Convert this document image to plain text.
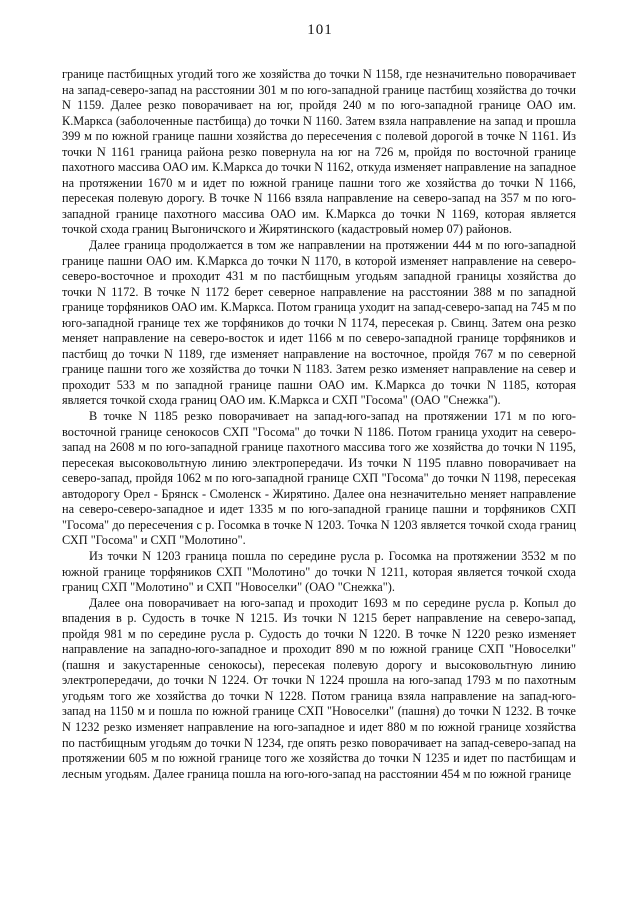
101

границе пастбищных угодий того же хозяйства до точки N 1158, где незначительно поворачивает на запад-северо-запад на расстоянии 301 м по юго-западной границе пастбищ хозяйства до точки N 1159. Далее резко поворачивает на юг, пройдя 240 м по юго-западной границе ОАО им. К.Маркса (заболоченные пастбища) до точки N 1160. Затем взяла направление на запад и прошла 399 м по южной границе пашни хозяйства до пересечения с полевой дорогой в точке N 1161. Из точки N 1161 граница района резко повернула на юг на 726 м, пройдя по восточной границе пахотного массива ОАО им. К.Маркса до точки N 1162, откуда изменяет направление на западное на протяжении 1670 м и идет по южной границе пашни того же хозяйства до точки N 1166, пересекая полевую дорогу. В точке N 1166 взяла направление на северо-запад на 357 м по юго-западной границе пахотного массива ОАО им. К.Маркса до точки N 1169, которая является точкой схода границ Выгоничского и Жирятинского (кадастровый номер 07) районов.

Далее граница продолжается в том же направлении на протяжении 444 м по юго-западной границе пашни ОАО им. К.Маркса до точки N 1170, в которой изменяет направление на северо-северо-восточное и проходит 431 м по пастбищным угодьям западной границы хозяйства до точки N 1172. В точке N 1172 берет северное направление на расстоянии 388 м по западной границе торфяников ОАО им. К.Маркса. Потом граница уходит на запад-северо-запад на 745 м по юго-западной границе тех же торфяников до точки N 1174, пересекая р. Свинц. Затем она резко меняет направление на северо-восток и идет 1166 м по северо-западной границе торфяников и пастбищ до точки N 1189, где изменяет направление на восточное, пройдя 767 м по северной границе пашни того же хозяйства до точки N 1183. Затем резко изменяет направление на север и проходит 533 м по западной границе пашни ОАО им. К.Маркса до точки N 1185, которая является точкой схода границ ОАО им. К.Маркса и СХП "Госома" (ОАО "Снежка").

В точке N 1185 резко поворачивает на запад-юго-запад на протяжении 171 м по юго-восточной границе сенокосов СХП "Госома" до точки N 1186. Потом граница уходит на северо-запад на 2608 м по юго-западной границе пахотного массива того же хозяйства до точки N 1195, пересекая высоковольтную линию электропередачи. Из точки N 1195 плавно поворачивает на северо-запад, пройдя 1062 м по юго-западной границе СХП "Госома" до точки N 1198, пересекая автодорогу Орел - Брянск - Смоленск - Жирятино. Далее она незначительно меняет направление на северо-северо-западное и идет 1335 м по юго-западной границе пашни и торфяников СХП "Госома" до пересечения с р. Госомка в точке N 1203. Точка N 1203 является точкой схода границ СХП "Госома" и СХП "Молотино".

Из точки N 1203 граница пошла по середине русла р. Госомка на протяжении 3532 м по южной границе торфяников СХП "Молотино" до точки N 1211, которая является точкой схода границ СХП "Молотино" и СХП "Новоселки" (ОАО "Снежка").

Далее она поворачивает на юго-запад и проходит 1693 м по середине русла р. Копыл до впадения в р. Судость в точке N 1215. Из точки N 1215 берет направление на северо-запад, пройдя 981 м по середине русла р. Судость до точки N 1220. В точке N 1220 резко изменяет направление на западно-юго-западное и проходит 890 м по южной границе СХП "Новоселки" (пашня и закустаренные сенокосы), пересекая полевую дорогу и высоковольтную линию электропередачи, до точки N 1224. От точки N 1224 прошла на юго-запад 1793 м по пахотным угодьям того же хозяйства до точки N 1228. Потом граница взяла направление на запад-юго-запад на 1150 м и пошла по южной границе СХП "Новоселки" (пашня) до точки N 1232. В точке N 1232 резко изменяет направление на юго-западное и идет 880 м по южной границе хозяйства по пастбищным угодьям до точки N 1234, где опять резко поворачивает на запад-северо-запад на протяжении 605 м по южной границе того же хозяйства до точки N 1235 и идет по пастбищам и лесным угодьям. Далее граница пошла на юго-юго-запад на расстоянии 454 м по южной границе
